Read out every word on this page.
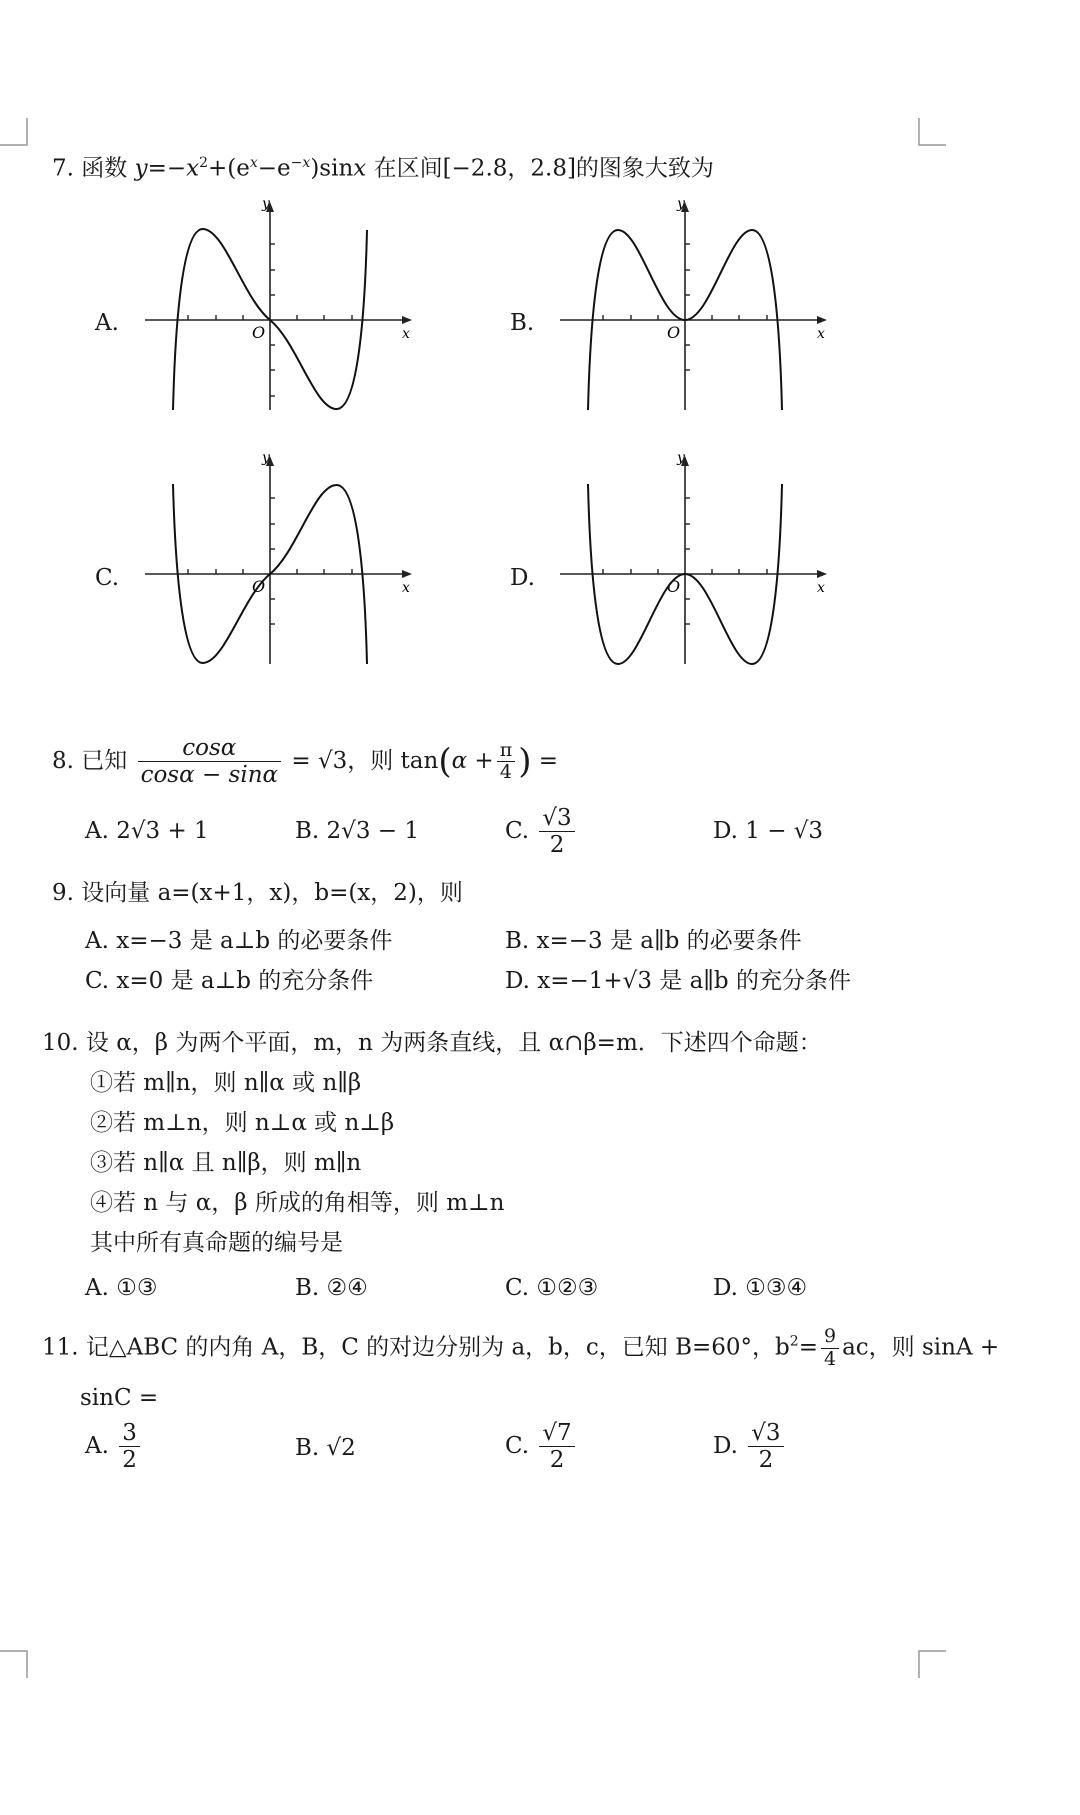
7. 函数 $y=-x^2+(e^x-e^{-x})\sin x$ 在区间[−2.8，2.8]的图象大致为
A.
y
x
O	B.
y
x
O
C.
y
x
O	D.
y
x
O
8. 已知 $\frac{\cos\alpha}{\cos\alpha - \sin\alpha} = √3$，则 $\tan(\alpha + \frac{\pi}{4}$ ) =
A. 2√3 + 1	B. 2√3 − 1	C. $\frac{√3}{2}$	D. 1 − √3
9. 设向量 a=(x+1，x)，b=(x，2)，则
A. x=−3 是 a⊥b 的必要条件	B. x=−3 是 a∥b 的必要条件
C. x=0 是 a⊥b 的充分条件	D. x=−1+√3 是 a∥b 的充分条件
10. 设 α，β 为两个平面，m，n 为两条直线，且 α∩β=m．下述四个命题：
①若 m∥n，则 n∥α 或 n∥β
②若 m⊥n，则 n⊥α 或 n⊥β
③若 n∥α 且 n∥β，则 m∥n
④若 n 与 α，β 所成的角相等，则 m⊥n
其中所有真命题的编号是
A. ①③	B. ②④	C. ①②③	D. ①③④
11. 记△ABC 的内角 A，B，C 的对边分别为 a，b，c，已知 B=60°，$b^2= \frac{9}{4}$ ac，则 sinA +
sinC =
A. $\frac{3}{2}$	B. √2	C. $\frac{√7}{2}$	D. $\frac{√3}{2}$
